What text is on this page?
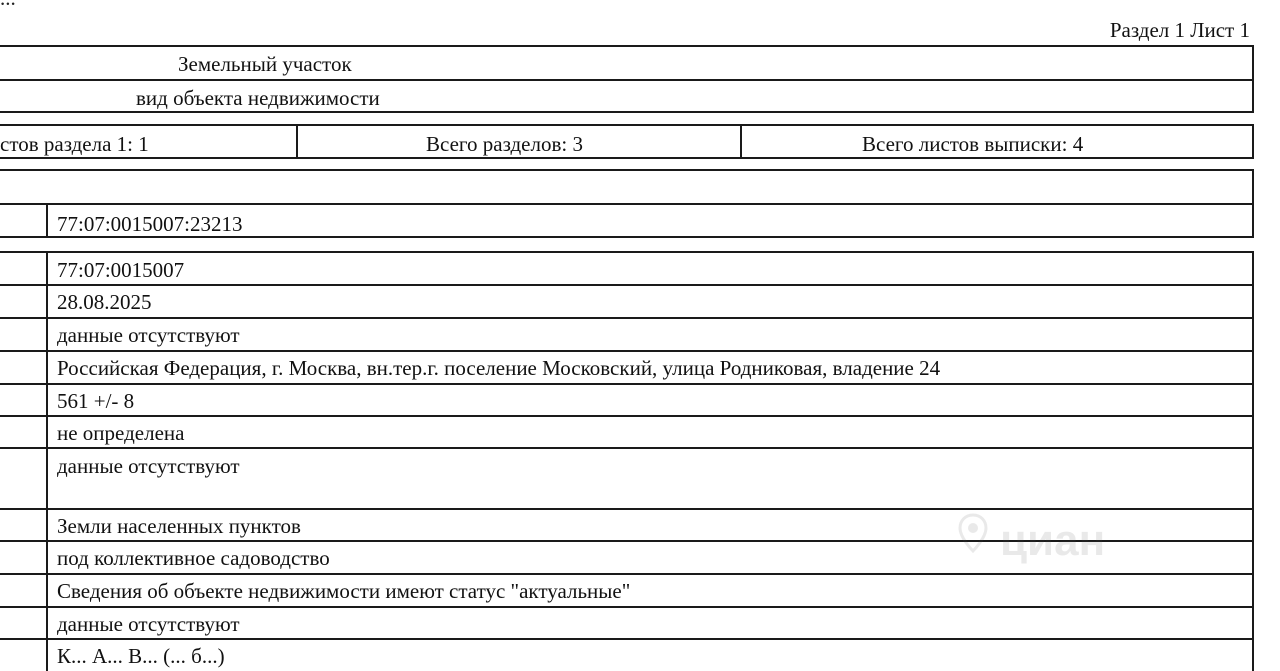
Раздел 1 Лист 1
Земельный участок
вид объекта недвижимости
стов раздела 1: 1	Всего разделов: 3	Всего листов выписки: 4
77:07:0015007:23213
77:07:0015007
28.08.2025
данные отсутствуют
Российская Федерация, г. Москва, вн.тер.г. поселение Московский, улица Родниковая, владение 24
561 +/- 8
не определена
данные отсутствуют
Земли населенных пунктов
под коллективное садоводство
Сведения об объекте недвижимости имеют статус "актуальные"
данные отсутствуют
К... А... В... (... б...)
циан
